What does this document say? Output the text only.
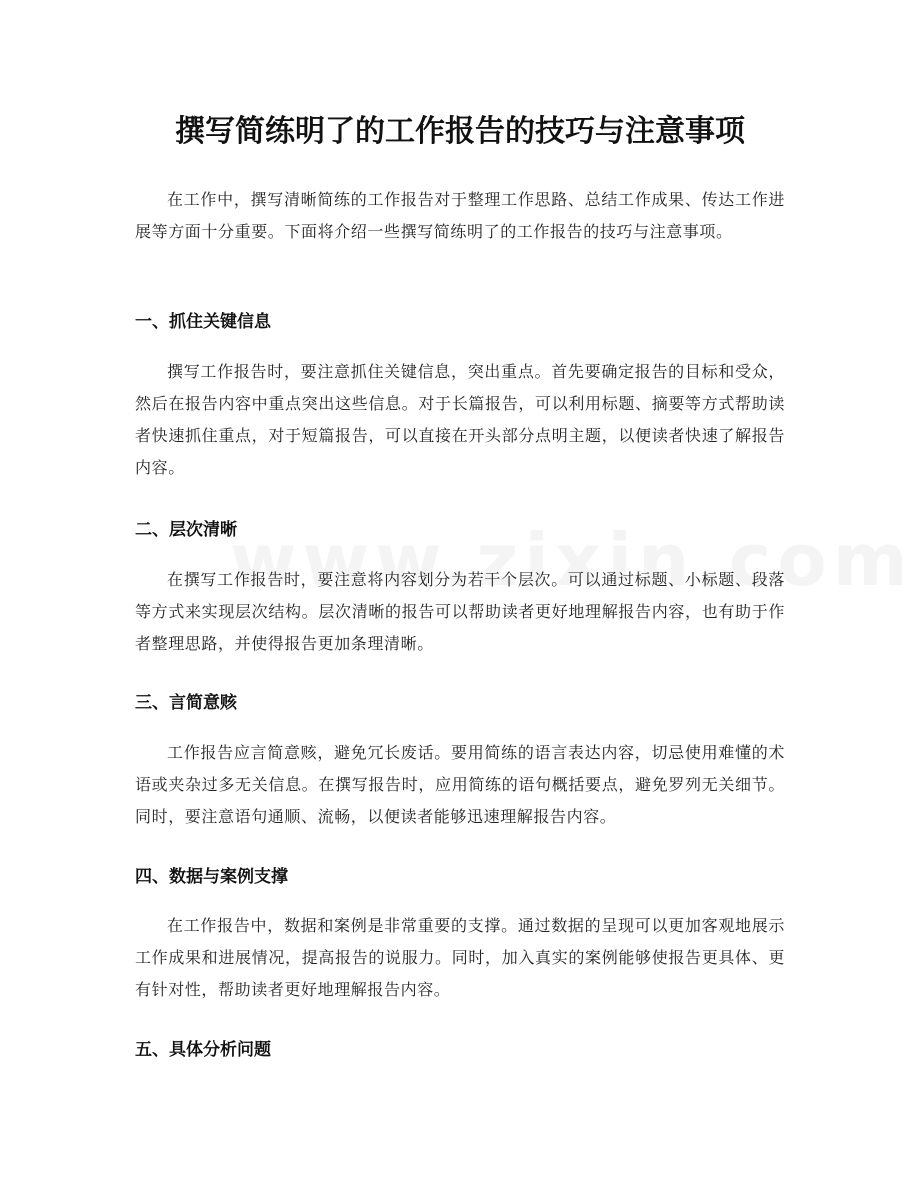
撰写简练明了的工作报告的技巧与注意事项

在工作中，撰写清晰简练的工作报告对于整理工作思路、总结工作成果、传达工作进展等方面十分重要。下面将介绍一些撰写简练明了的工作报告的技巧与注意事项。

一、抓住关键信息

撰写工作报告时，要注意抓住关键信息，突出重点。首先要确定报告的目标和受众，然后在报告内容中重点突出这些信息。对于长篇报告，可以利用标题、摘要等方式帮助读者快速抓住重点，对于短篇报告，可以直接在开头部分点明主题，以便读者快速了解报告内容。

二、层次清晰

在撰写工作报告时，要注意将内容划分为若干个层次。可以通过标题、小标题、段落等方式来实现层次结构。层次清晰的报告可以帮助读者更好地理解报告内容，也有助于作者整理思路，并使得报告更加条理清晰。

三、言简意赅

工作报告应言简意赅，避免冗长废话。要用简练的语言表达内容，切忌使用难懂的术语或夹杂过多无关信息。在撰写报告时，应用简练的语句概括要点，避免罗列无关细节。同时，要注意语句通顺、流畅，以便读者能够迅速理解报告内容。

四、数据与案例支撑

在工作报告中，数据和案例是非常重要的支撑。通过数据的呈现可以更加客观地展示工作成果和进展情况，提高报告的说服力。同时，加入真实的案例能够使报告更具体、更有针对性，帮助读者更好地理解报告内容。

五、具体分析问题
